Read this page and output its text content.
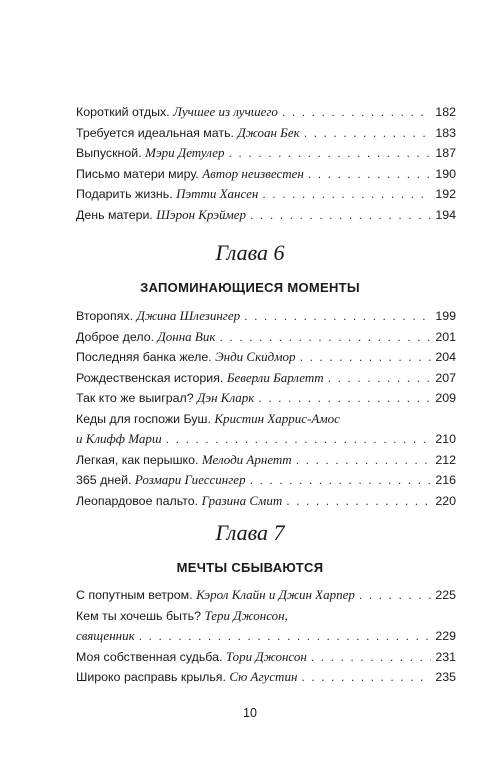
Короткий отдых. Лучшее из лучшего . . .	182
Требуется идеальная мать. Джоан Бек . . .	183
Выпускной. Мэри Детулер . . .	187
Письмо матери миру. Автор неизвестен . . .	190
Подарить жизнь. Пэтти Хансен . . .	192
День матери. Шэрон Крэймер . . .	194
Глава 6
ЗАПОМИНАЮЩИЕСЯ МОМЕНТЫ
Второпях. Джина Шлезингер . . .	199
Доброе дело. Донна Вик . . .	201
Последняя банка желе. Энди Скидмор . . .	204
Рождественская история. Беверли Барлетт . . .	207
Так кто же выиграл? Дэн Кларк . . .	209
Кеды для госпожи Буш. Кристин Харрис-Амос
и Клифф Марш . . .	210
Легкая, как перышко. Мелоди Арнетт . . .	212
365 дней. Розмари Гиессингер . . .	216
Леопардовое пальто. Гразина Смит . . .	220
Глава 7
МЕЧТЫ СБЫВАЮТСЯ
С попутным ветром. Кэрол Клайн и Джин Харпер . . .	225
Кем ты хочешь быть? Тери Джонсон,
священник . . .	229
Моя собственная судьба. Тори Джонсон . . .	231
Широко расправь крылья. Сю Агустин . . .	235
10
